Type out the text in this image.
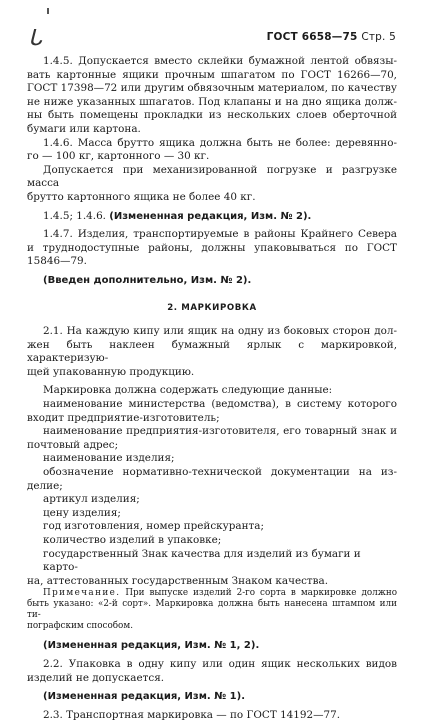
ᒐ	ГОСТ 6658—75 Стр. 5
1.4.5. Допускается вместо склейки бумажной лентой обвязы-
вать картонные ящики прочным шпагатом по ГОСТ 16266—70,
ГОСТ 17398—72 или другим обвязочным материалом, по качеству
не ниже указанных шпагатов. Под клапаны и на дно ящика долж-
ны быть помещены прокладки из нескольких слоев оберточной
бумаги или картона.
1.4.6. Масса брутто ящика должна быть не более: деревянно-
го — 100 кг, картонного — 30 кг.
Допускается при механизированной погрузке и разгрузке масса
брутто картонного ящика не более 40 кг.
1.4.5; 1.4.6. (Измененная редакция, Изм. № 2).
1.4.7. Изделия, транспортируемые в районы Крайнего Севера
и труднодоступные районы, должны упаковываться по ГОСТ
15846—79.
(Введен дополнительно, Изм. № 2).
2. МАРКИРОВКА
2.1. На каждую кипу или ящик на одну из боковых сторон дол-
жен быть наклеен бумажный ярлык с маркировкой, характеризую-
щей упакованную продукцию.
Маркировка должна содержать следующие данные:
наименование министерства (ведомства), в систему которого
входит предприятие-изготовитель;
наименование предприятия-изготовителя, его товарный знак и
почтовый адрес;
наименование изделия;
обозначение нормативно-технической документации на из-
делие;
артикул изделия;
цену изделия;
год изготовления, номер прейскуранта;
количество изделий в упаковке;
государственный Знак качества для изделий из бумаги и карто-
на, аттестованных государственным Знаком качества.
Примечание. При выпуске изделий 2-го сорта в маркировке должно
быть указано: «2-й сорт». Маркировка должна быть нанесена штампом или ти-
пографским способом.
(Измененная редакция, Изм. № 1, 2).
2.2. Упаковка в одну кипу или один ящик нескольких видов
изделий не допускается.
(Измененная редакция, Изм. № 1).
2.3. Транспортная маркировка — по ГОСТ 14192—77.
